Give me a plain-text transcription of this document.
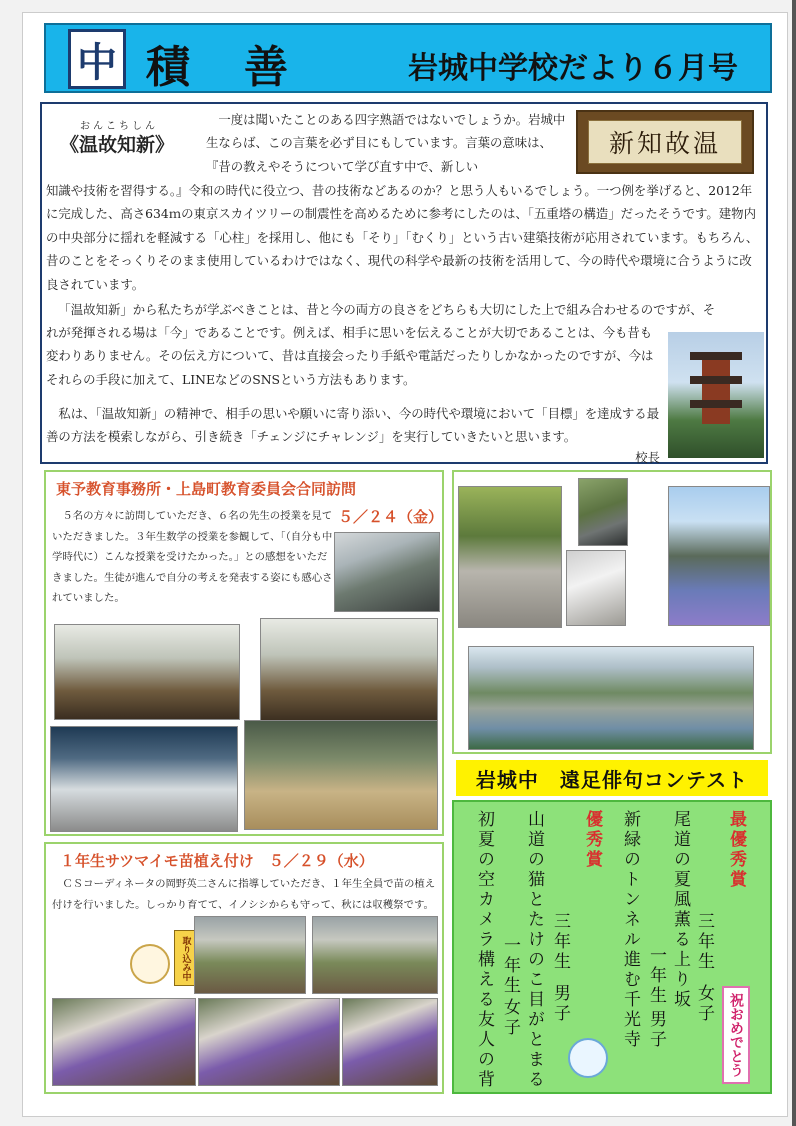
中 積善 岩城中学校だより６月号
おんこちしん
《温故知新》

一度は聞いたことのある四字熟語ではないでしょうか。岩城中生ならば、この言葉を必ず目にもしています。言葉の意味は、『昔の教えやそうについて学び直す中で、新しい

新知故温

知識や技術を習得する。』令和の時代に役立つ、昔の技術などあるのか？と思う人もいるでしょう。一つ例を挙げると、2012年に完成した、高さ634ｍの東京スカイツリーの制震性を高めるために参考にしたのは、「五重塔の構造」だったそうです。建物内の中央部分に揺れを軽減する「心柱」を採用し、他にも「そり」「むくり」という古い建築技術が応用されています。もちろん、昔のことをそっくりそのまま使用しているわけではなく、現代の科学や最新の技術を活用して、今の時代や環境に合うように改良されています。

「温故知新」から私たちが学ぶべきことは、昔と今の両方の良さをどちらも大切にした上で組み合わせるのですが、そ

れが発揮される場は「今」であることです。例えば、相手に思いを伝えることが大切であることは、今も昔も変わりありません。その伝え方について、昔は直接会ったり手紙や電話だったりしかなかったのですが、今はそれらの手段に加えて、LINEなどのSNSという方法もあります。

私は、「温故知新」の精神で、相手の思いや願いに寄り添い、今の時代や環境において「目標」を達成する最善の方法を模索しながら、引き続き「チェンジにチャレンジ」を実行していきたいと思います。

校長

東予教育事務所・上島町教育委員会合同訪問
５／２４（金）
５名の方々に訪問していただき、６名の先生の授業を見ていただきました。３年生数学の授業を参観して、「（自分も中学時代に）こんな授業を受けたかった。」との感想をいただきました。生徒が進んで自分の考えを発表する姿にも感心されていました。
１年生サツマイモ苗植え付け　５／２９（水）
ＣＳコーディネータの岡野英二さんに指導していただき、１年生全員で苗の植え付けを行いました。しっかり育てて、イノシシからも守って、秋には収穫祭です。
取り込み中
岩城中　遠足俳句コンテスト
最優秀賞
尾道の夏風薫る上り坂 三年生
女子
新緑のトンネル進む千光寺 一年生
男子
優秀賞
山道の猫とたけのこ目がとまる 三年生
男子
初夏の空カメラ構える友人の背 一年生
女子	祝おめでとう
